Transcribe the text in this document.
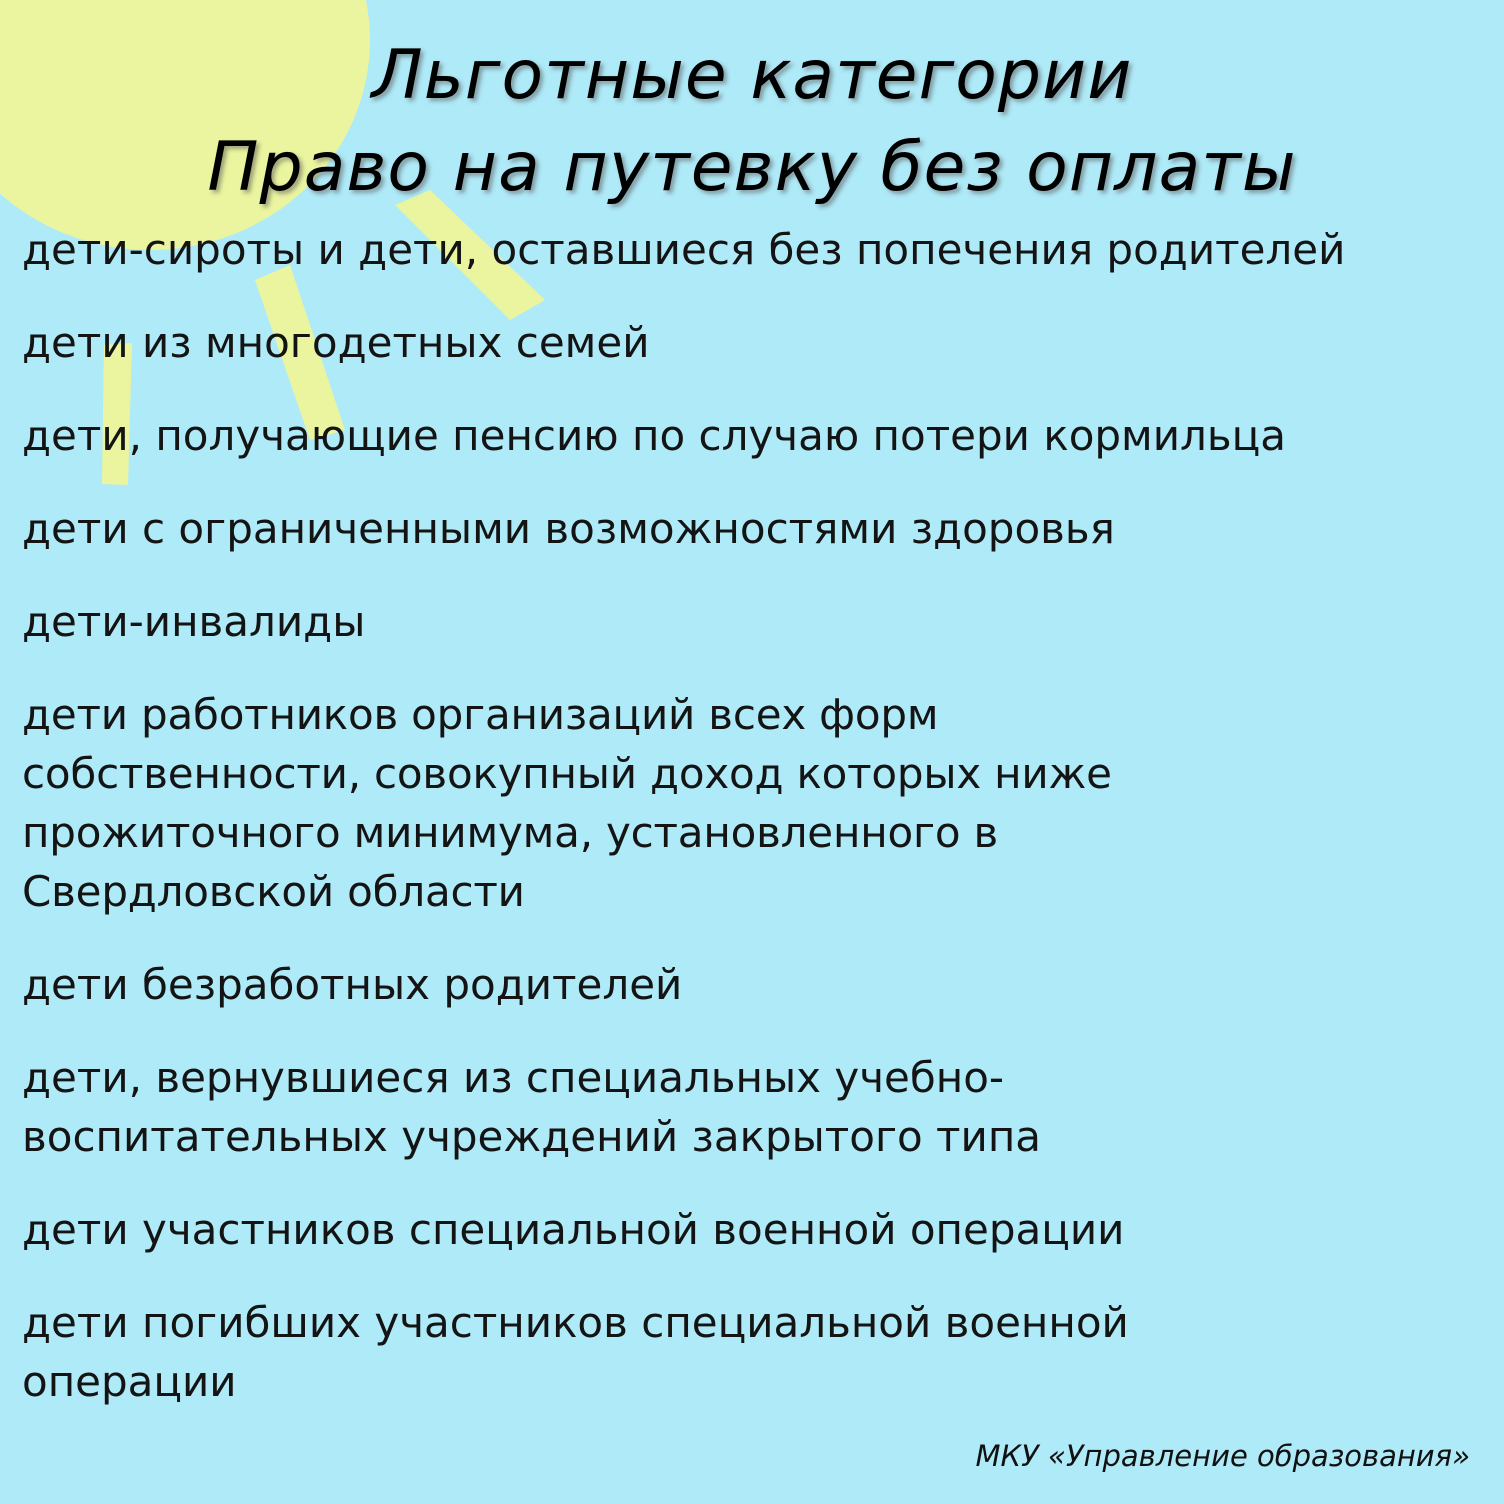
Льготные категории
Право на путевку без оплаты
дети-сироты и дети, оставшиеся без попечения родителей
дети из многодетных семей
дети, получающие пенсию по случаю потери кормильца
дети с ограниченными возможностями здоровья
дети-инвалиды
дети работников организаций всех форм собственности, совокупный доход которых ниже прожиточного минимума, установленного в Свердловской области
дети безработных родителей
дети, вернувшиеся из специальных учебно-воспитательных учреждений закрытого типа
дети участников специальной военной операции
дети погибших участников специальной военной операции
МКУ «Управление образования»
